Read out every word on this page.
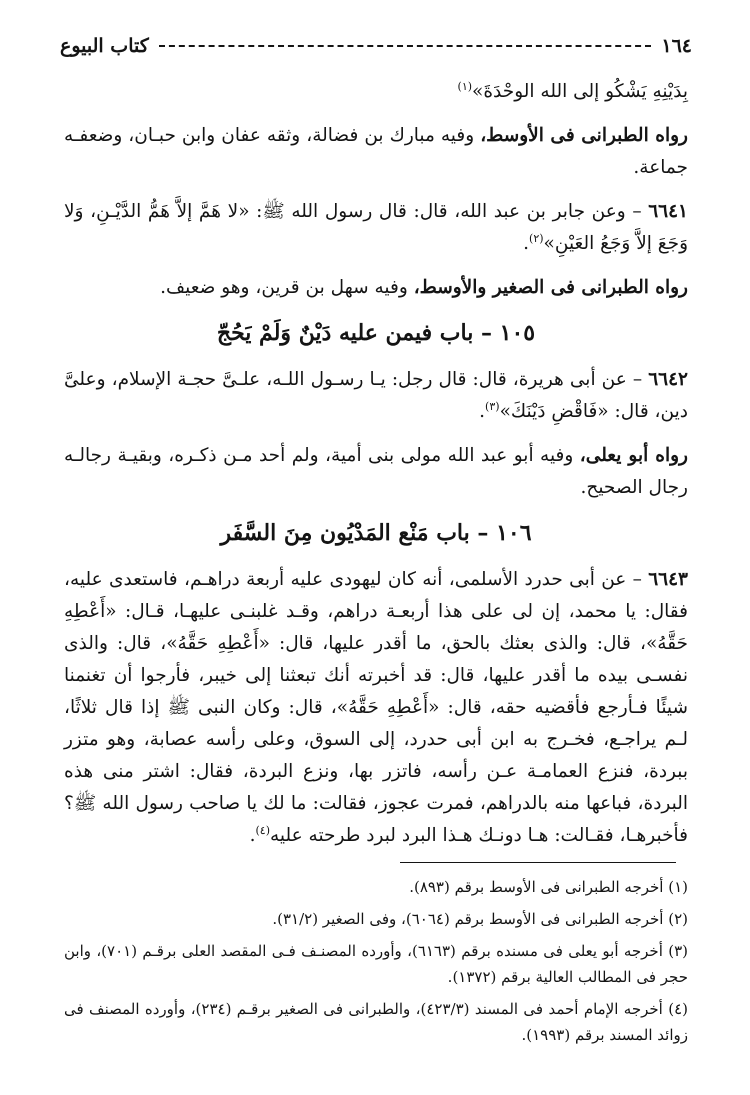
١٦٤
كتاب البيوع

بِدَيْنِهِ يَشْكُو إلى الله الوحْدَةَ»$^{(١)}$

رواه الطبرانى فى الأوسط، وفيه مبارك بن فضالة، وثقه عفان وابن حبـان، وضعفـه جماعة.

٦٦٤١ – وعن جابر بن عبد الله، قال: قال رسول الله ﷺ: «لا هَمَّ إلاَّ هَمُّ الدَّيْـنِ، وَلا وَجَعَ إلاَّ وَجَعُ العَيْنِ»$^{(٢)}$.

رواه الطبرانى فى الصغير والأوسط، وفيه سهل بن قرين، وهو ضعيف.

١٠٥ – باب فيمن عليه دَيْنٌ وَلَمْ يَحُجّ

٦٦٤٢ – عن أبى هريرة، قال: قال رجل: يـا رسـول اللـه، علـىَّ حجـة الإسلام، وعلىَّ دين، قال: «فَاقْضِ دَيْنَكَ»$^{(٣)}$.

رواه أبو يعلى، وفيه أبو عبد الله مولى بنى أمية، ولم أحد مـن ذكـره، وبقيـة رجالـه رجال الصحيح.

١٠٦ – باب مَنْع المَدْيُون مِنَ السَّفَر

٦٦٤٣ – عن أبى حدرد الأسلمى، أنه كان ليهودى عليه أربعة دراهـم، فاستعدى عليه، فقال: يا محمد، إن لى على هذا أربعـة دراهم، وقـد غلبنـى عليهـا، قـال: «أَعْطِهِ حَقَّهُ»، قال: والذى بعثك بالحق، ما أقدر عليها، قال: «أَعْطِهِ حَقَّهُ»، قال: والذى نفسـى بيده ما أقدر عليها، قال: قد أخبرته أنك تبعثنا إلى خيبر، فأرجوا أن تغنمنا شيئًا فـأرجع فأقضيه حقه، قال: «أَعْطِهِ حَقَّهُ»، قال: وكان النبى ﷺ إذا قال ثلاثًا، لـم يراجـع، فخـرج به ابن أبى حدرد، إلى السوق، وعلى رأسه عصابة، وهو متزر ببردة، فنزع العمامـة عـن رأسه، فاتزر بها، ونزع البردة، فقال: اشتر منى هذه البردة، فباعها منه بالدراهم، فمرت عجوز، فقالت: ما لك يا صاحب رسول الله ﷺ؟ فأخبرهـا، فقـالت: هـا دونـك هـذا البرد لبرد طرحته عليه$^{(٤)}$.

(١) أخرجه الطبرانى فى الأوسط برقم (٨٩٣).

(٢) أخرجه الطبرانى فى الأوسط برقم (٦٠٦٤)، وفى الصغير (٣١/٢).

(٣) أخرجه أبو يعلى فى مسنده برقم (٦١٦٣)، وأورده المصنـف فـى المقصد العلى برقـم (٧٠١)، وابن حجر فى المطالب العالية برقم (١٣٧٢).

(٤) أخرجه الإمام أحمد فى المسند (٤٢٣/٣)، والطبرانى فى الصغير برقـم (٢٣٤)، وأورده المصنف فى زوائد المسند برقم (١٩٩٣).
